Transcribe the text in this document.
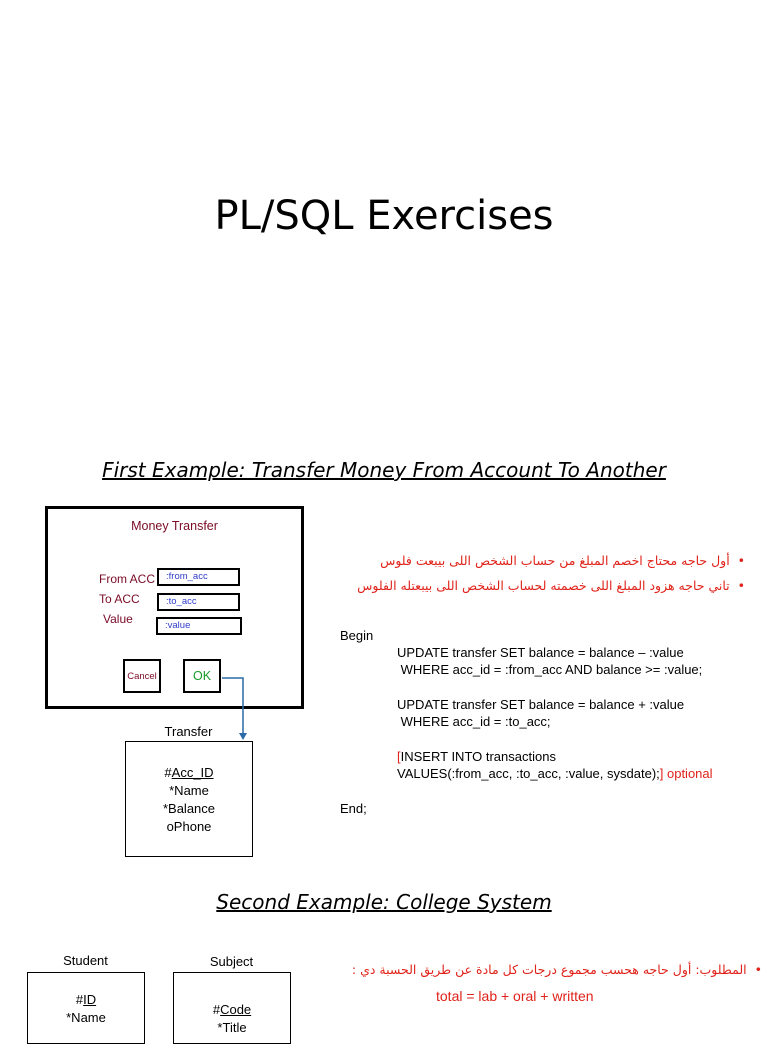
PL/SQL Exercises
First Example: Transfer Money From Account To Another
Money Transfer
From ACC
To ACC
Value
:from_acc
:to_acc
:value
Cancel	OK
Transfer
#Acc_ID
*Name
*Balance
oPhone
•  أول حاجه محتاج اخصم المبلغ من حساب الشخص اللى بيبعت فلوس
•  تاني حاجه هزود المبلغ اللى خصمته لحساب الشخص اللى بيبعتله الفلوس
Begin
UPDATE transfer SET balance = balance – :value
WHERE acc_id = :from_acc AND balance >= :value;
UPDATE transfer SET balance = balance + :value
WHERE acc_id = :to_acc;
[INSERT INTO transactions
VALUES(:from_acc, :to_acc, :value, sysdate);] optional
End;
Second Example: College System
Student
#ID
*Name
Subject
#Code
*Title
•  المطلوب: أول حاجه هحسب مجموع درجات كل مادة عن طريق الحسبة دي :
total = lab + oral + written
